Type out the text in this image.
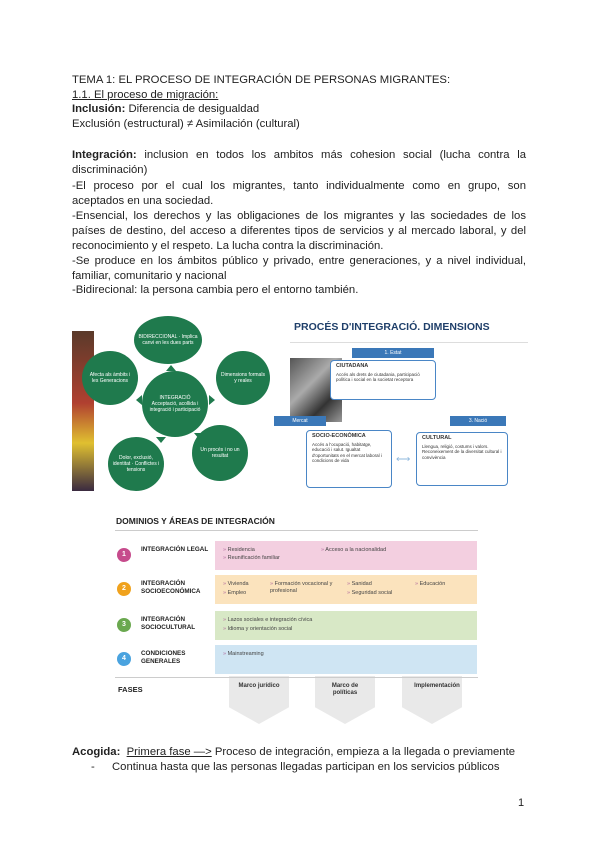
TEMA 1: EL PROCESO DE INTEGRACIÓN DE PERSONAS MIGRANTES:
1.1. El proceso de migración:
Inclusión: Diferencia de desigualdad
Exclusión (estructural) ≠ Asimilación (cultural)
Integración: inclusion en todos los ambitos más cohesion social (lucha contra la discriminación)
-El proceso por el cual los migrantes, tanto individualmente como en grupo, son aceptados en una sociedad.
-Ensencial, los derechos y las obligaciones de los migrantes y las sociedades de los países de destino, del acceso a diferentes tipos de servicios y al mercado laboral, y del reconocimiento y el respeto. La lucha contra la discriminación.
-Se produce en los ámbitos público y privado, entre generaciones, y a nivel individual, familiar, comunitario y nacional
-Bidirecional: la persona cambia pero el entorno también.
BIDIRECCIONAL · Implica canvi en les dues parts
Dimensions formals y reales
Un procés i no un resultat
Dolor, exclusió, identitat · Conflictes i tensions
Afecta als àmbits i les Generacions
INTEGRACIÓ Acceptació, acollida i integració i participació
PROCÉS D'INTEGRACIÓ. DIMENSIONS
1. Estat
CIUTADANA
Accés als drets de ciutadania, participació política i social en la societat receptora
Mercat	3. Nació
SOCIO-ECONÒMICA
Accés a l'ocupació, habitatge, educació i salut. Igualtat d'oportunitats en el mercat laboral i condicions de vida
CULTURAL
Llengua, religió, costums i valors. Reconeixement de la diversitat cultural i convivència
⟷
DOMINIOS Y ÁREAS DE INTEGRACIÓN
1
INTEGRACIÓN LEGAL
»	Residencia
» Reunificación familiar
» Acceso a la nacionalidad
2
INTEGRACIÓN SOCIOECONÓMICA
» Vivienda
» Empleo
» Formación vocacional y profesional
» Sanidad
» Seguridad social
» Educación
3
INTEGRACIÓN SOCIOCULTURAL
» Lazos sociales e integración cívica
» Idioma y orientación social
4
CONDICIONES GENERALES
» Mainstreaming
FASES	Marco jurídico	Marco de políticas
Implementación
Acogida: Primera fase —> Proceso de integración, empieza a la llegada o previamente
- Continua hasta que las personas llegadas participan en los servicios públicos
1
